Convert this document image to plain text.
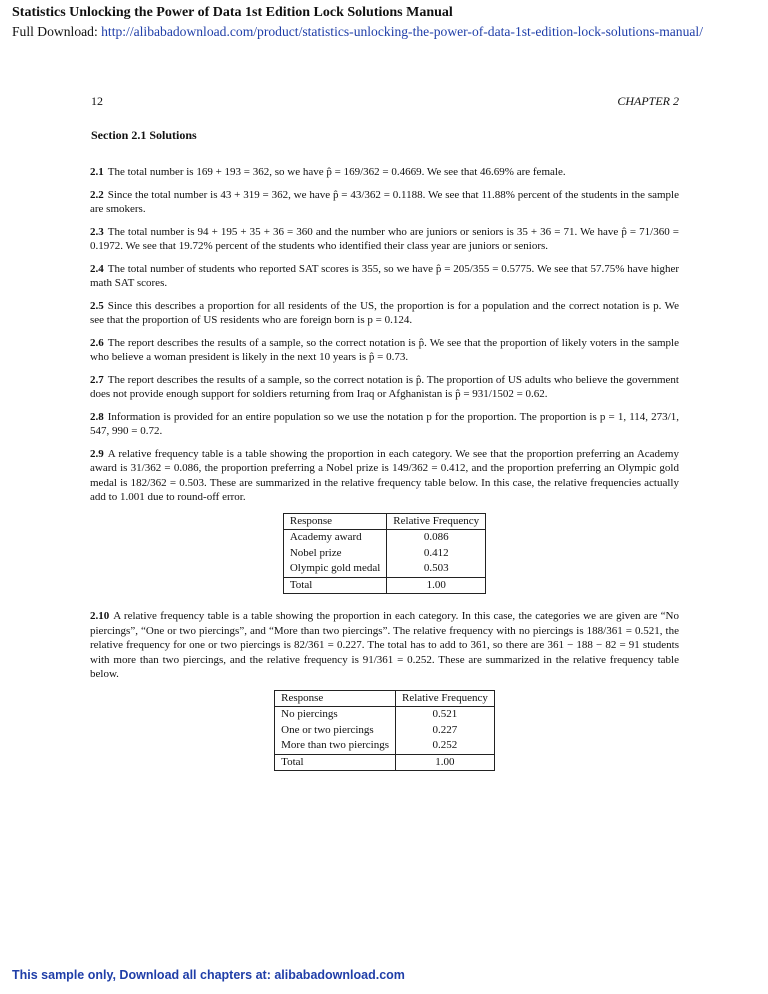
Statistics Unlocking the Power of Data 1st Edition Lock Solutions Manual
Full Download: http://alibabadownload.com/product/statistics-unlocking-the-power-of-data-1st-edition-lock-solutions-manual/
12	CHAPTER 2
Section 2.1 Solutions

2.1 The total number is 169 + 193 = 362, so we have p̂ = 169/362 = 0.4669. We see that 46.69% are female.

2.2 Since the total number is 43 + 319 = 362, we have p̂ = 43/362 = 0.1188. We see that 11.88% percent of the students in the sample are smokers.

2.3 The total number is 94 + 195 + 35 + 36 = 360 and the number who are juniors or seniors is 35 + 36 = 71. We have p̂ = 71/360 = 0.1972. We see that 19.72% percent of the students who identified their class year are juniors or seniors.

2.4 The total number of students who reported SAT scores is 355, so we have p̂ = 205/355 = 0.5775. We see that 57.75% have higher math SAT scores.

2.5 Since this describes a proportion for all residents of the US, the proportion is for a population and the correct notation is p. We see that the proportion of US residents who are foreign born is p = 0.124.

2.6 The report describes the results of a sample, so the correct notation is p̂. We see that the proportion of likely voters in the sample who believe a woman president is likely in the next 10 years is p̂ = 0.73.

2.7 The report describes the results of a sample, so the correct notation is p̂. The proportion of US adults who believe the government does not provide enough support for soldiers returning from Iraq or Afghanistan is p̂ = 931/1502 = 0.62.

2.8 Information is provided for an entire population so we use the notation p for the proportion. The proportion is p = 1, 114, 273/1, 547, 990 = 0.72.

2.9 A relative frequency table is a table showing the proportion in each category. We see that the proportion preferring an Academy award is 31/362 = 0.086, the proportion preferring a Nobel prize is 149/362 = 0.412, and the proportion preferring an Olympic gold medal is 182/362 = 0.503. These are summarized in the relative frequency table below. In this case, the relative frequencies actually add to 1.001 due to round-off error.

Response	Relative Frequency
Academy award	0.086
Nobel prize	0.412
Olympic gold medal	0.503
Total	1.00

2.10 A relative frequency table is a table showing the proportion in each category. In this case, the categories we are given are “No piercings”, “One or two piercings”, and “More than two piercings”. The relative frequency with no piercings is 188/361 = 0.521, the relative frequency for one or two piercings is 82/361 = 0.227. The total has to add to 361, so there are 361 − 188 − 82 = 91 students with more than two piercings, and the relative frequency is 91/361 = 0.252. These are summarized in the relative frequency table below.

Response	Relative Frequency
No piercings	0.521
One or two piercings	0.227
More than two piercings	0.252
Total	1.00
This sample only, Download all chapters at: alibabadownload.com
